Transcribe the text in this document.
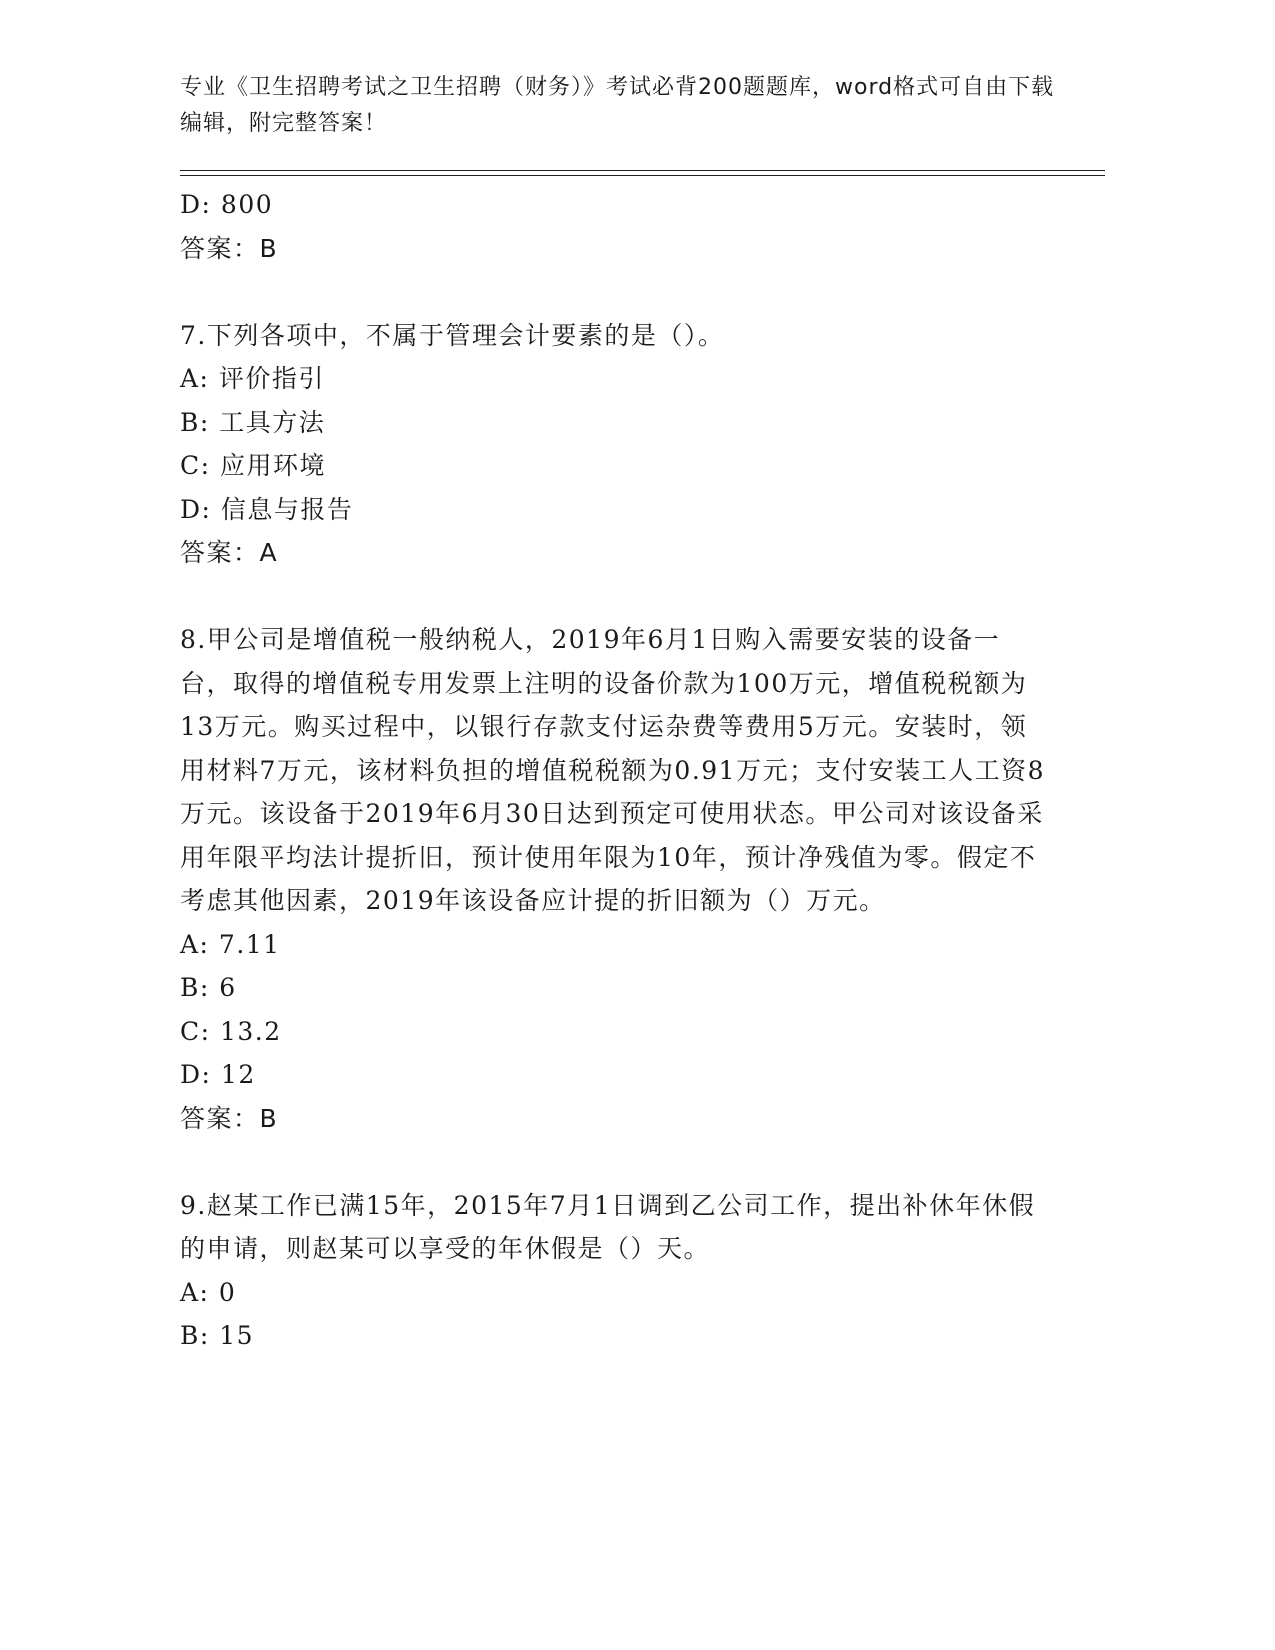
专业《卫生招聘考试之卫生招聘（财务）》考试必背200题题库，word格式可自由下载编辑，附完整答案！
D: 800
答案：B
7.下列各项中，不属于管理会计要素的是（）。
A: 评价指引
B: 工具方法
C: 应用环境
D: 信息与报告
答案：A
8.甲公司是增值税一般纳税人，2019年6月1日购入需要安装的设备一台，取得的增值税专用发票上注明的设备价款为100万元，增值税税额为13万元。购买过程中，以银行存款支付运杂费等费用5万元。安装时，领用材料7万元，该材料负担的增值税税额为0.91万元；支付安装工人工资8万元。该设备于2019年6月30日达到预定可使用状态。甲公司对该设备采用年限平均法计提折旧，预计使用年限为10年，预计净残值为零。假定不考虑其他因素，2019年该设备应计提的折旧额为（）万元。
A: 7.11
B: 6
C: 13.2
D: 12
答案：B
9.赵某工作已满15年，2015年7月1日调到乙公司工作，提出补休年休假的申请，则赵某可以享受的年休假是（）天。
A: 0
B: 15
